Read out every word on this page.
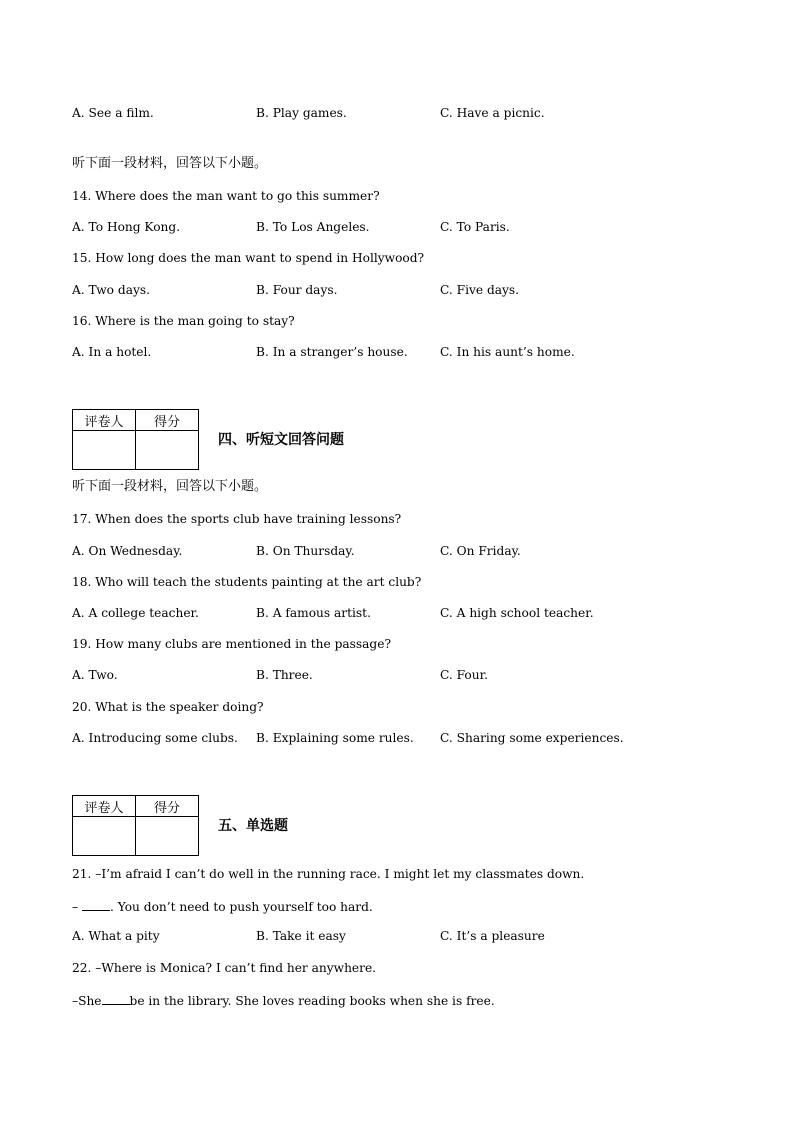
A. See a film.	B. Play games.	C. Have a picnic.
听下面一段材料，回答以下小题。
14. Where does the man want to go this summer?
A. To Hong Kong.	B. To Los Angeles.	C. To Paris.
15. How long does the man want to spend in Hollywood?
A. Two days.	B. Four days.	C. Five days.
16. Where is the man going to stay?
A. In a hotel.	B. In a stranger’s house.	C. In his aunt’s home.
评卷人	得分

四、听短文回答问题
听下面一段材料，回答以下小题。
17. When does the sports club have training lessons?
A. On Wednesday.	B. On Thursday.	C. On Friday.
18. Who will teach the students painting at the art club?
A. A college teacher.	B. A famous artist.	C. A high school teacher.
19. How many clubs are mentioned in the passage?
A. Two.	B. Three.	C. Four.
20. What is the speaker doing?
A. Introducing some clubs. B. Explaining some rules. C. Sharing some experiences.
评卷人	得分

五、单选题
21. –I’m afraid I can’t do well in the running race. I might let my classmates down.
–	. You don’t need to push yourself too hard.
A. What a pity	B. Take it easy	C. It’s a pleasure
22. –Where is Monica? I can’t find her anywhere.
–She be in the library. She loves reading books when she is free.
